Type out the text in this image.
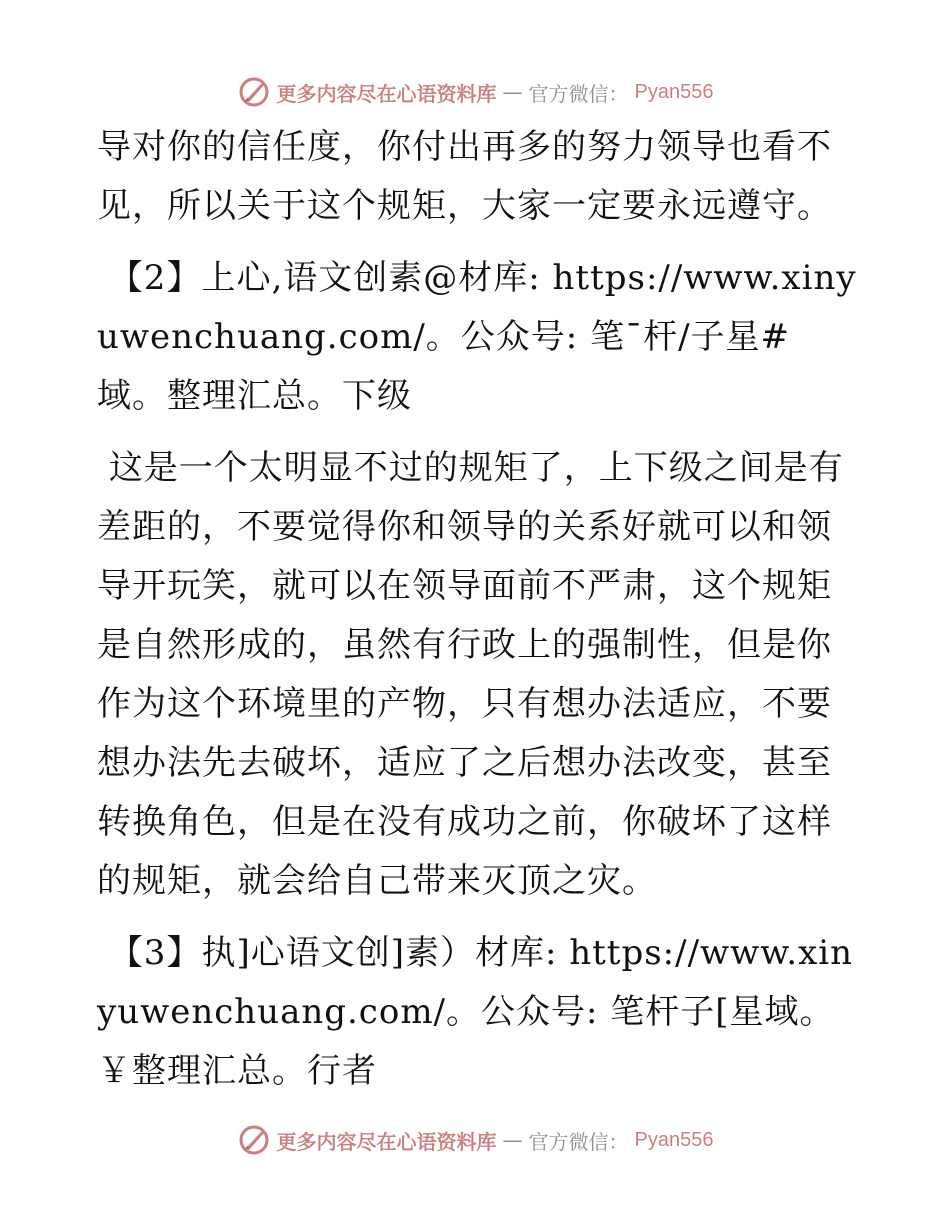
更多内容尽在心语资料库 — 官方微信： Pyan556

导对你的信任度，你付出再多的努力领导也看不见，所以关于这个规矩，大家一定要永远遵守。

【2】上心,语文创素@材库: https://www.xinyuwenchuang.com/。公众号: 笔¯杆/子星#域。整理汇总。下级

这是一个太明显不过的规矩了，上下级之间是有差距的，不要觉得你和领导的关系好就可以和领导开玩笑，就可以在领导面前不严肃，这个规矩是自然形成的，虽然有行政上的强制性，但是你作为这个环境里的产物，只有想办法适应，不要想办法先去破坏，适应了之后想办法改变，甚至转换角色，但是在没有成功之前，你破坏了这样的规矩，就会给自己带来灭顶之灾。

【3】执]心语文创]素）材库: https://www.xinyuwenchuang.com/。公众号: 笔杆子[星域。￥整理汇总。行者

更多内容尽在心语资料库 — 官方微信： Pyan556
